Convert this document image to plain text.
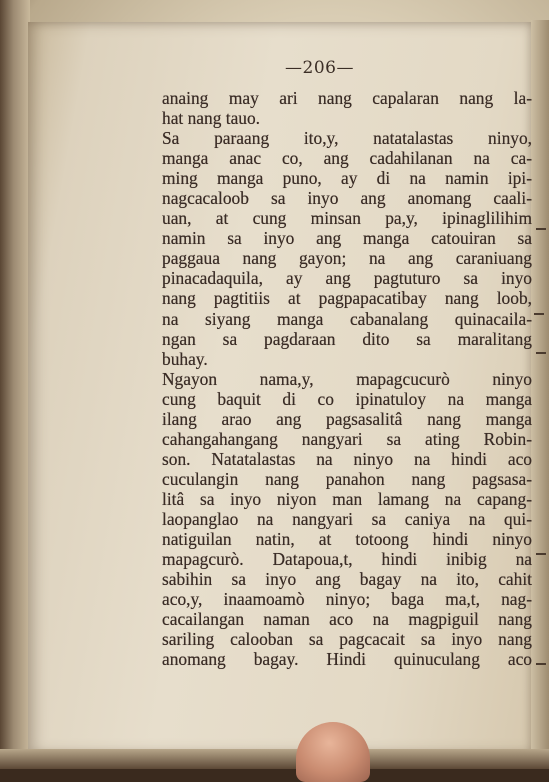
—206—
anaing may ari nang capalaran nang la-
hat nang tauo.
Sa paraang ito,y, natatalastas ninyo,
manga anac co, ang cadahilanan na ca-
ming manga puno, ay di na namin ipi-
nagcacaloob sa inyo ang anomang caali-
uan, at cung minsan pa,y, ipinaglilihim
namin sa inyo ang manga catouiran sa
paggaua nang gayon; na ang caraniuang
pinacadaquila, ay ang pagtuturo sa inyo
nang pagtitiis at pagpapacatibay nang loob,
na siyang manga cabanalang quinacaila-
ngan sa pagdaraan dito sa maralitang
buhay.
Ngayon nama,y, mapagcucurò ninyo
cung baquit di co ipinatuloy na manga
ilang arao ang pagsasalitâ nang manga
cahangahangang nangyari sa ating Robin-
son. Natatalastas na ninyo na hindi aco
cuculangin nang panahon nang pagsasa-
litâ sa inyo niyon man lamang na capang-
laopanglao na nangyari sa caniya na qui-
natiguilan natin, at totoong hindi ninyo
mapagcurò. Datapoua,t, hindi inibig na
sabihin sa inyo ang bagay na ito, cahit
aco,y, inaamoamò ninyo; baga ma,t, nag-
cacailangan naman aco na magpiguil nang
sariling calooban sa pagcacait sa inyo nang
anomang bagay. Hindi quinuculang aco
